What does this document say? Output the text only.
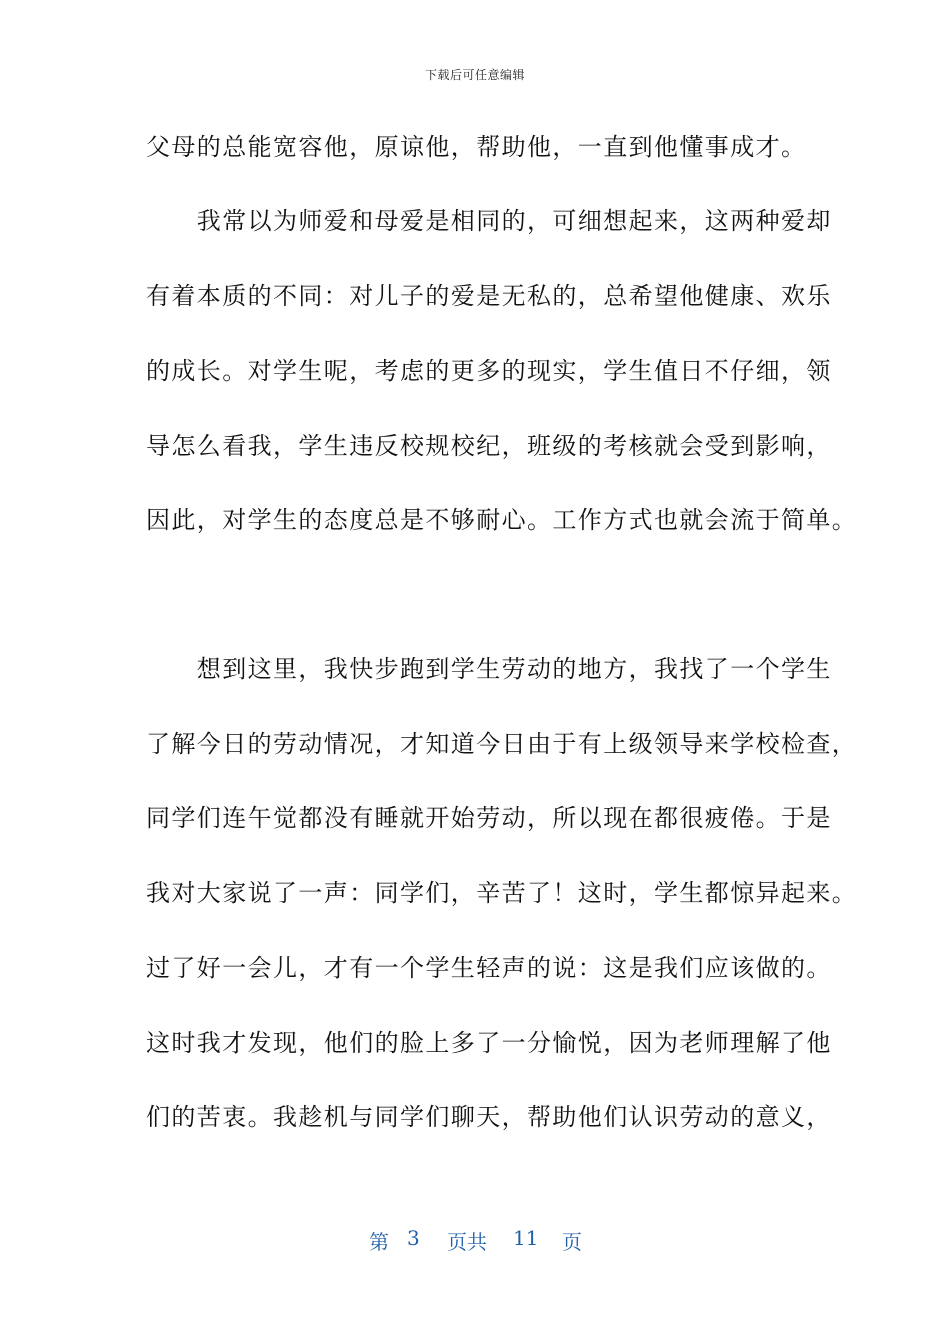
下载后可任意编辑
父母的总能宽容他，原谅他，帮助他，一直到他懂事成才。
　　我常以为师爱和母爱是相同的，可细想起来，这两种爱却
有着本质的不同：对儿子的爱是无私的，总希望他健康、欢乐
的成长。对学生呢，考虑的更多的现实，学生值日不仔细，领
导怎么看我，学生违反校规校纪，班级的考核就会受到影响，
因此，对学生的态度总是不够耐心。工作方式也就会流于简单。
　　想到这里，我快步跑到学生劳动的地方，我找了一个学生
了解今日的劳动情况，才知道今日由于有上级领导来学校检查，
同学们连午觉都没有睡就开始劳动，所以现在都很疲倦。于是
我对大家说了一声：同学们，辛苦了！这时，学生都惊异起来。
过了好一会儿，才有一个学生轻声的说：这是我们应该做的。
这时我才发现，他们的脸上多了一分愉悦，因为老师理解了他
们的苦衷。我趁机与同学们聊天，帮助他们认识劳动的意义，
第 3 页共 11 页
